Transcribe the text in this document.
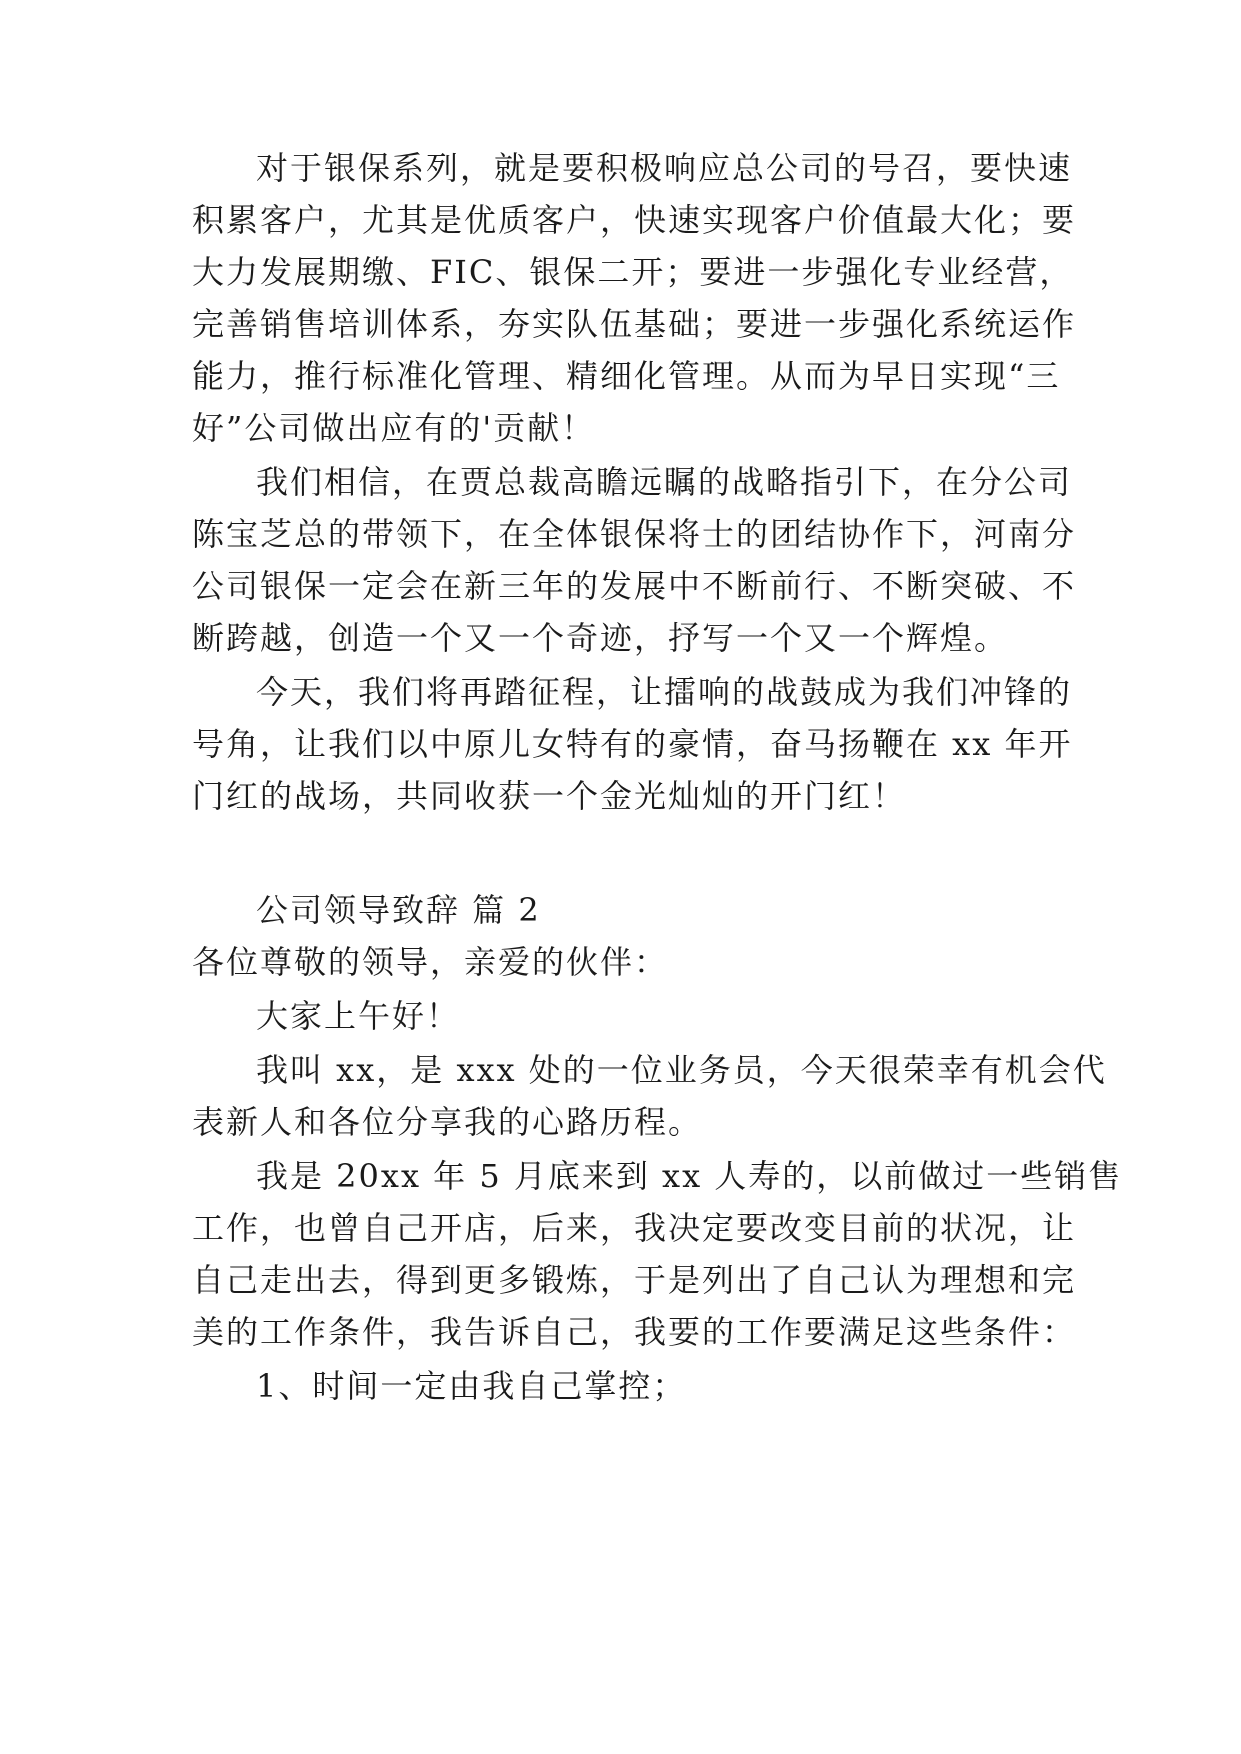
对于银保系列，就是要积极响应总公司的号召，要快速
积累客户，尤其是优质客户，快速实现客户价值最大化；要
大力发展期缴、FIC、银保二开；要进一步强化专业经营，
完善销售培训体系，夯实队伍基础；要进一步强化系统运作
能力，推行标准化管理、精细化管理。从而为早日实现“三
好”公司做出应有的'贡献！
我们相信，在贾总裁高瞻远瞩的战略指引下，在分公司
陈宝芝总的带领下，在全体银保将士的团结协作下，河南分
公司银保一定会在新三年的发展中不断前行、不断突破、不
断跨越，创造一个又一个奇迹，抒写一个又一个辉煌。
今天，我们将再踏征程，让擂响的战鼓成为我们冲锋的
号角，让我们以中原儿女特有的豪情，奋马扬鞭在 xx 年开
门红的战场，共同收获一个金光灿灿的开门红！
公司领导致辞 篇 2
各位尊敬的领导，亲爱的伙伴：
大家上午好！
我叫 xx，是 xxx 处的一位业务员，今天很荣幸有机会代
表新人和各位分享我的心路历程。
我是 20xx 年 5 月底来到 xx 人寿的，以前做过一些销售
工作，也曾自己开店，后来，我决定要改变目前的状况，让
自己走出去，得到更多锻炼，于是列出了自己认为理想和完
美的工作条件，我告诉自己，我要的工作要满足这些条件：
1、时间一定由我自己掌控；
